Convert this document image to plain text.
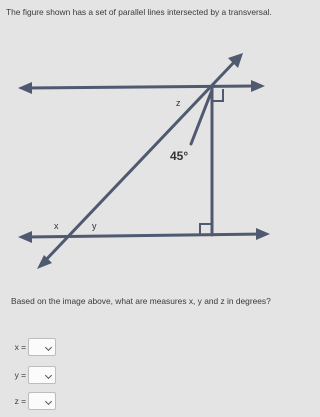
The figure shown has a set of parallel lines intersected by a transversal.
z
45°
x	y
Based on the image above, what are measures x, y and z in degrees?
x =
y =
z =
